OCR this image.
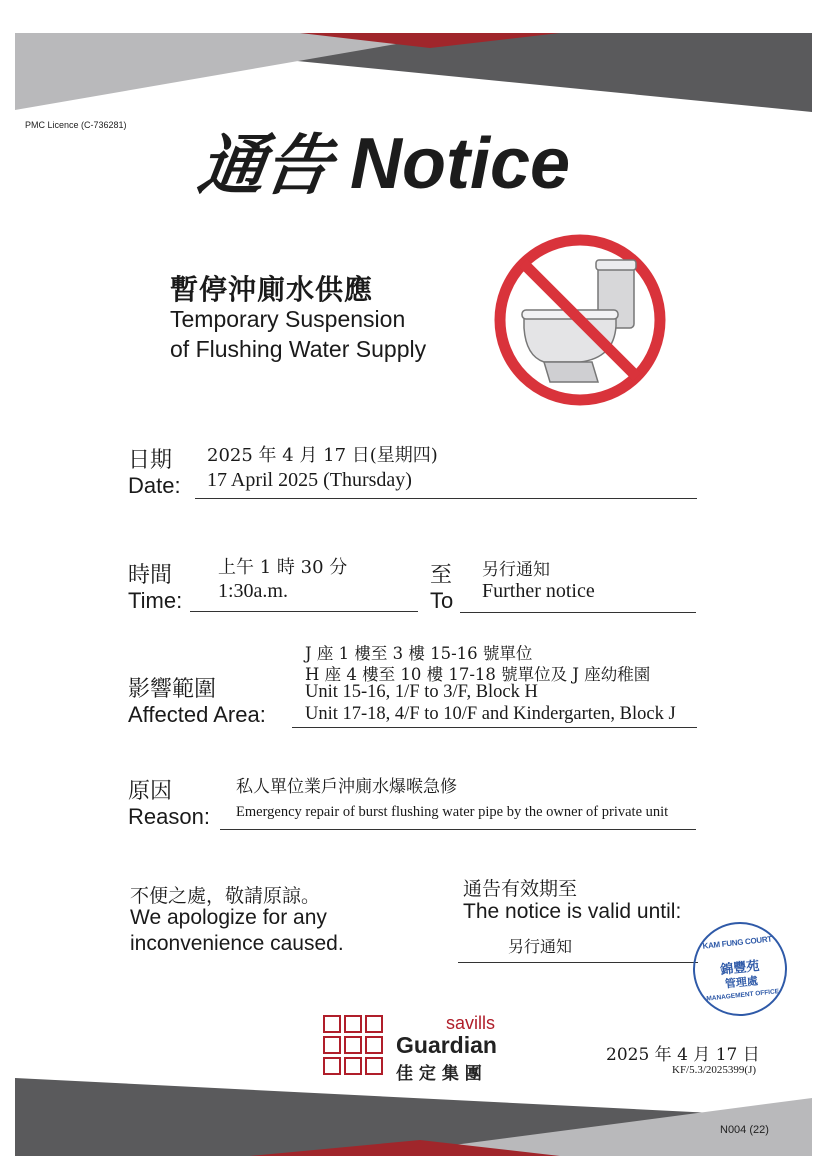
PMC Licence (C-736281)
通告 Notice
暫停沖廁水供應
Temporary Suspension
of Flushing Water Supply
日期
Date:
2025 年 4 月 17 日(星期四)
17 April 2025 (Thursday)
時間
Time:
上午 1 時 30 分
1:30a.m.
至
To
另行通知
Further notice
影響範圍
Affected Area:
J 座 1 樓至 3 樓 15-16 號單位
H 座 4 樓至 10 樓 17-18 號單位及 J 座幼稚園
Unit 15-16, 1/F to 3/F, Block H
Unit 17-18, 4/F to 10/F and Kindergarten, Block J
原因
Reason:
私人單位業戶沖廁水爆喉急修
Emergency repair of burst flushing water pipe by the owner of private unit
不便之處，敬請原諒。
We apologize for any
inconvenience caused.
通告有效期至
The notice is valid until:
另行通知	KAM FUNG COURT
錦豐苑
管理處
MANAGEMENT OFFICE
savills
Guardian
佳 定 集 團
2025 年 4 月 17 日
KF/5.3/2025399(J)
N004 (22)
